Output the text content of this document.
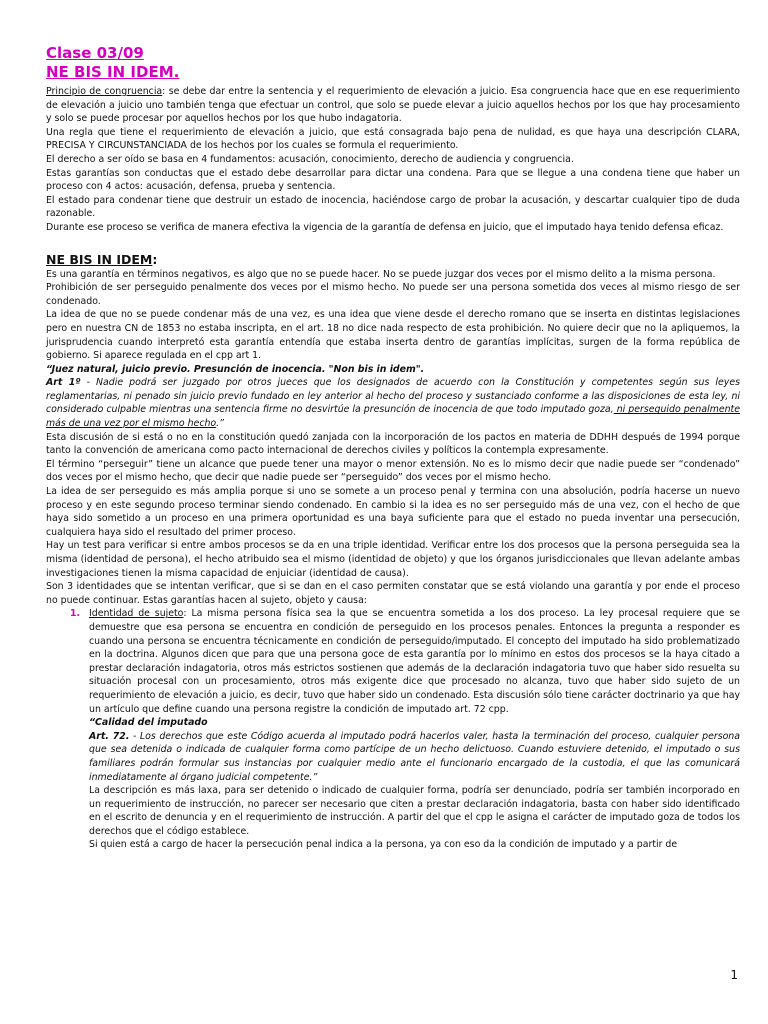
Clase 03/09
NE BIS IN IDEM.

Principio de congruencia: se debe dar entre la sentencia y el requerimiento de elevación a juicio. Esa congruencia hace que en ese requerimiento de elevación a juicio uno también tenga que efectuar un control, que solo se puede elevar a juicio aquellos hechos por los que hay procesamiento y solo se puede procesar por aquellos hechos por los que hubo indagatoria.

Una regla que tiene el requerimiento de elevación a juicio, que está consagrada bajo pena de nulidad, es que haya una descripción CLARA, PRECISA Y CIRCUNSTANCIADA de los hechos por los cuales se formula el requerimiento.

El derecho a ser oído se basa en 4 fundamentos: acusación, conocimiento, derecho de audiencia y congruencia.

Estas garantías son conductas que el estado debe desarrollar para dictar una condena. Para que se llegue a una condena tiene que haber un proceso con 4 actos: acusación, defensa, prueba y sentencia.

El estado para condenar tiene que destruir un estado de inocencia, haciéndose cargo de probar la acusación, y descartar cualquier tipo de duda razonable.

Durante ese proceso se verifica de manera efectiva la vigencia de la garantía de defensa en juicio, que el imputado haya tenido defensa eficaz.

NE BIS IN IDEM:

Es una garantía en términos negativos, es algo que no se puede hacer. No se puede juzgar dos veces por el mismo delito a la misma persona.

Prohibición de ser perseguido penalmente dos veces por el mismo hecho. No puede ser una persona sometida dos veces al mismo riesgo de ser condenado.

La idea de que no se puede condenar más de una vez, es una idea que viene desde el derecho romano que se inserta en distintas legislaciones pero en nuestra CN de 1853 no estaba inscripta, en el art. 18 no dice nada respecto de esta prohibición. No quiere decir que no la apliquemos, la jurisprudencia cuando interpretó esta garantía entendía que estaba inserta dentro de garantías implícitas, surgen de la forma república de gobierno. Si aparece regulada en el cpp art 1.

“Juez natural, juicio previo. Presunción de inocencia. "Non bis in idem".

Art 1º - Nadie podrá ser juzgado por otros jueces que los designados de acuerdo con la Constitución y competentes según sus leyes reglamentarias, ni penado sin juicio previo fundado en ley anterior al hecho del proceso y sustanciado conforme a las disposiciones de esta ley, ni considerado culpable mientras una sentencia firme no desvirtúe la presunción de inocencia de que todo imputado goza, ni perseguido penalmente más de una vez por el mismo hecho.”

Esta discusión de si está o no en la constitución quedó zanjada con la incorporación de los pactos en materia de DDHH después de 1994 porque tanto la convención de americana como pacto internacional de derechos civiles y políticos la contempla expresamente.

El término “perseguir” tiene un alcance que puede tener una mayor o menor extensión. No es lo mismo decir que nadie puede ser “condenado” dos veces por el mismo hecho, que decir que nadie puede ser “perseguido” dos veces por el mismo hecho.

La idea de ser perseguido es más amplia porque si uno se somete a un proceso penal y termina con una absolución, podría hacerse un nuevo proceso y en este segundo proceso terminar siendo condenado. En cambio si la idea es no ser perseguido más de una vez, con el hecho de que haya sido sometido a un proceso en una primera oportunidad es una baya suficiente para que el estado no pueda inventar una persecución, cualquiera haya sido el resultado del primer proceso.

Hay un test para verificar si entre ambos procesos se da en una triple identidad. Verificar entre los dos procesos que la persona perseguida sea la misma (identidad de persona), el hecho atribuido sea el mismo (identidad de objeto) y que los órganos jurisdiccionales que llevan adelante ambas investigaciones tienen la misma capacidad de enjuiciar (identidad de causa).

Son 3 identidades que se intentan verificar, que si se dan en el caso permiten constatar que se está violando una garantía y por ende el proceso no puede continuar. Estas garantías hacen al sujeto, objeto y causa:

1. Identidad de sujeto: La misma persona física sea la que se encuentra sometida a los dos proceso. La ley procesal requiere que se demuestre que esa persona se encuentra en condición de perseguido en los procesos penales. Entonces la pregunta a responder es cuando una persona se encuentra técnicamente en condición de perseguido/imputado. El concepto del imputado ha sido problematizado en la doctrina. Algunos dicen que para que una persona goce de esta garantía por lo mínimo en estos dos procesos se la haya citado a prestar declaración indagatoria, otros más estrictos sostienen que además de la declaración indagatoria tuvo que haber sido resuelta su situación procesal con un procesamiento, otros más exigente dice que procesado no alcanza, tuvo que haber sido sujeto de un requerimiento de elevación a juicio, es decir, tuvo que haber sido un condenado. Esta discusión sólo tiene carácter doctrinario ya que hay un artículo que define cuando una persona registre la condición de imputado art. 72 cpp.

“Calidad del imputado

Art. 72. - Los derechos que este Código acuerda al imputado podrá hacerlos valer, hasta la terminación del proceso, cualquier persona que sea detenida o indicada de cualquier forma como partícipe de un hecho delictuoso. Cuando estuviere detenido, el imputado o sus familiares podrán formular sus instancias por cualquier medio ante el funcionario encargado de la custodia, el que las comunicará inmediatamente al órgano judicial competente.”

La descripción es más laxa, para ser detenido o indicado de cualquier forma, podría ser denunciado, podría ser también incorporado en un requerimiento de instrucción, no parecer ser necesario que citen a prestar declaración indagatoria, basta con haber sido identificado en el escrito de denuncia y en el requerimiento de instrucción. A partir del que el cpp le asigna el carácter de imputado goza de todos los derechos que el código establece.

Si quien está a cargo de hacer la persecución penal indica a la persona, ya con eso da la condición de imputado y a partir de

1
